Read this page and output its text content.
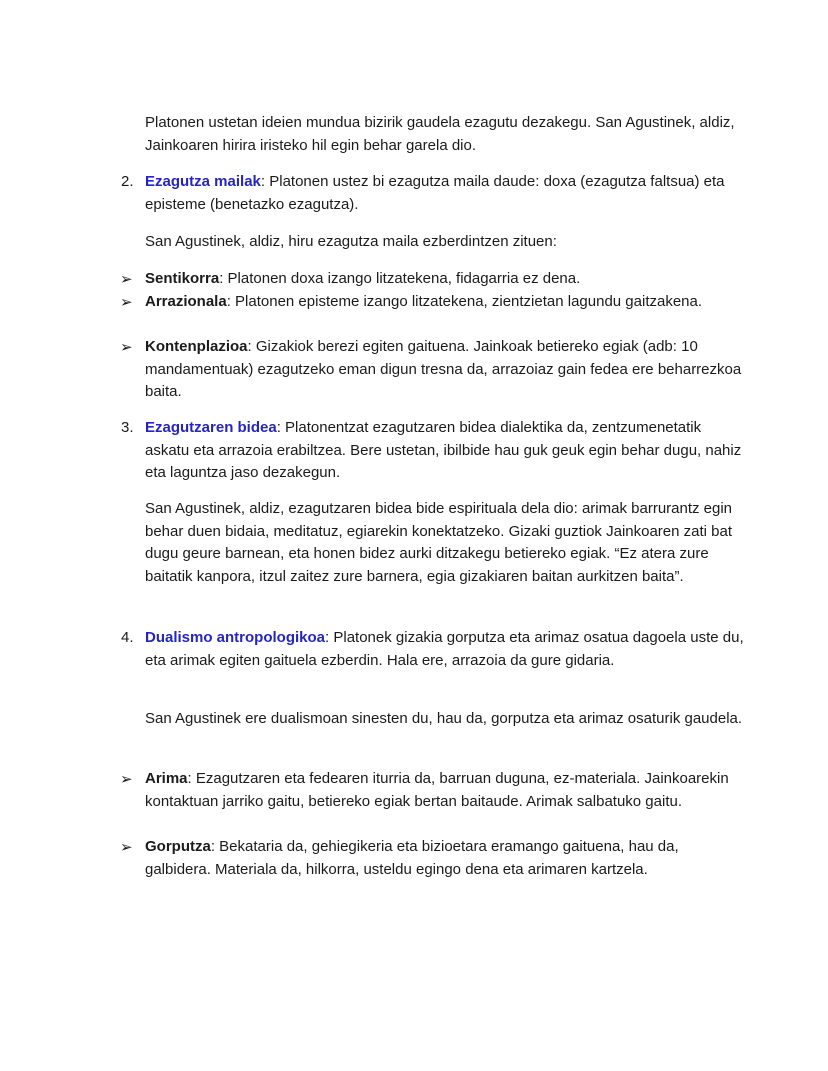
Platonen ustetan ideien mundua bizirik gaudela ezagutu dezakegu. San Agustinek, aldiz, Jainkoaren hirira iristeko hil egin behar garela dio.

2. Ezagutza mailak: Platonen ustez bi ezagutza maila daude: doxa (ezagutza faltsua) eta episteme (benetazko ezagutza).

San Agustinek, aldiz, hiru ezagutza maila ezberdintzen zituen:

➢ Sentikorra: Platonen doxa izango litzatekena, fidagarria ez dena.

➢ Arrazionala: Platonen episteme izango litzatekena, zientzietan lagundu gaitzakena.

➢ Kontenplazioa: Gizakiok berezi egiten gaituena. Jainkoak betiereko egiak (adb: 10 mandamentuak) ezagutzeko eman digun tresna da, arrazoiaz gain fedea ere beharrezkoa baita.

3. Ezagutzaren bidea: Platonentzat ezagutzaren bidea dialektika da, zentzumenetatik askatu eta arrazoia erabiltzea. Bere ustetan, ibilbide hau guk geuk egin behar dugu, nahiz eta laguntza jaso dezakegun.

San Agustinek, aldiz, ezagutzaren bidea bide espirituala dela dio: arimak barrurantz egin behar duen bidaia, meditatuz, egiarekin konektatzeko. Gizaki guztiok Jainkoaren zati bat dugu geure barnean, eta honen bidez aurki ditzakegu betiereko egiak. “Ez atera zure baitatik kanpora, itzul zaitez zure barnera, egia gizakiaren baitan aurkitzen baita”.

4. Dualismo antropologikoa: Platonek gizakia gorputza eta arimaz osatua dagoela uste du, eta arimak egiten gaituela ezberdin. Hala ere, arrazoia da gure gidaria.

San Agustinek ere dualismoan sinesten du, hau da, gorputza eta arimaz osaturik gaudela.

➢ Arima: Ezagutzaren eta fedearen iturria da, barruan duguna, ez-materiala. Jainkoarekin kontaktuan jarriko gaitu, betiereko egiak bertan baitaude. Arimak salbatuko gaitu.

➢ Gorputza: Bekataria da, gehiegikeria eta bizioetara eramango gaituena, hau da, galbidera. Materiala da, hilkorra, usteldu egingo dena eta arimaren kartzela.
